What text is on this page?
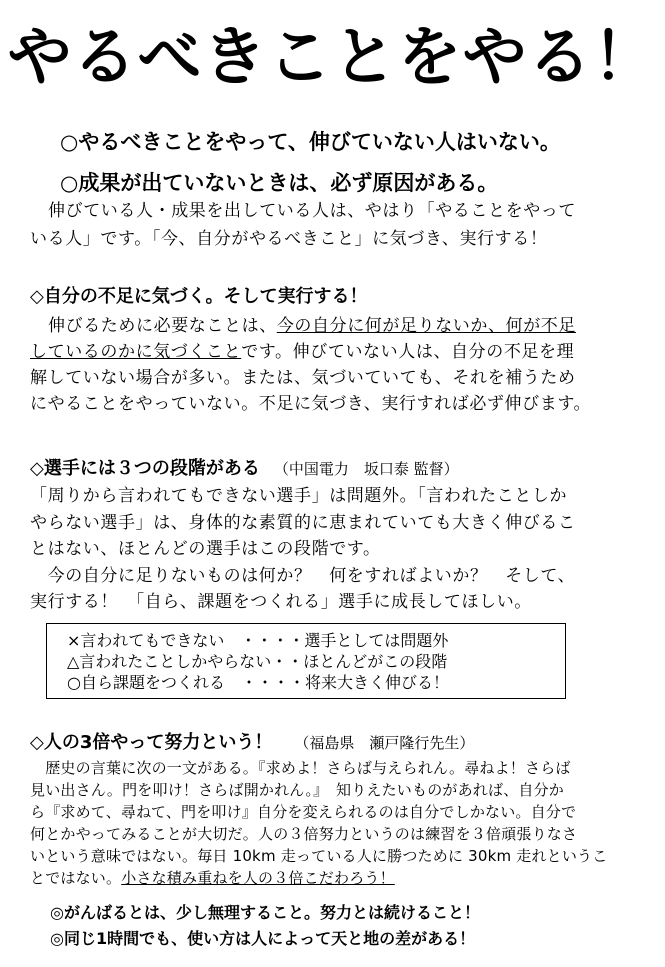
やるべきことをやる！
○やるべきことをやって、伸びていない人はいない。
○成果が出ていないときは、必ず原因がある。
伸びている人・成果を出している人は、やはり「やることをやって
いる人」です。「今、自分がやるべきこと」に気づき、実行する！
◇自分の不足に気づく。そして実行する！
伸びるために必要なことは、今の自分に何が足りないか、何が不足
しているのかに気づくことです。伸びていない人は、自分の不足を理
解していない場合が多い。または、気づいていても、それを補うため
にやることをやっていない。不足に気づき、実行すれば必ず伸びます。
◇選手には３つの段階がある （中国電力　坂口泰 監督）
「周りから言われてもできない選手」は問題外。「言われたことしか
やらない選手」は、身体的な素質的に恵まれていても大きく伸びるこ
とはない、ほとんどの選手はこの段階です。
　今の自分に足りないものは何か？　何をすればよいか？　そして、
実行する！　「自ら、課題をつくれる」選手に成長してほしい。
×言われてもできない　・・・・選手としては問題外
△言われたことしかやらない・・ほとんどがこの段階
○自ら課題をつくれる　・・・・将来大きく伸びる！
◇人の3倍やって努力という！ （福島県　瀬戸隆行先生）
　歴史の言葉に次の一文がある。『求めよ！さらば与えられん。尋ねよ！さらば
見い出さん。門を叩け！さらば開かれん。』　知りえたいものがあれば、自分か
ら『求めて、尋ねて、門を叩け』自分を変えられるのは自分でしかない。自分で
何とかやってみることが大切だ。人の３倍努力というのは練習を３倍頑張りなさ
いという意味ではない。毎日 10km 走っている人に勝つために 30km 走れというこ
とではない。小さな積み重ねを人の３倍こだわろう！
◎がんばるとは、少し無理すること。努力とは続けること！
◎同じ1時間でも、使い方は人によって天と地の差がある！
